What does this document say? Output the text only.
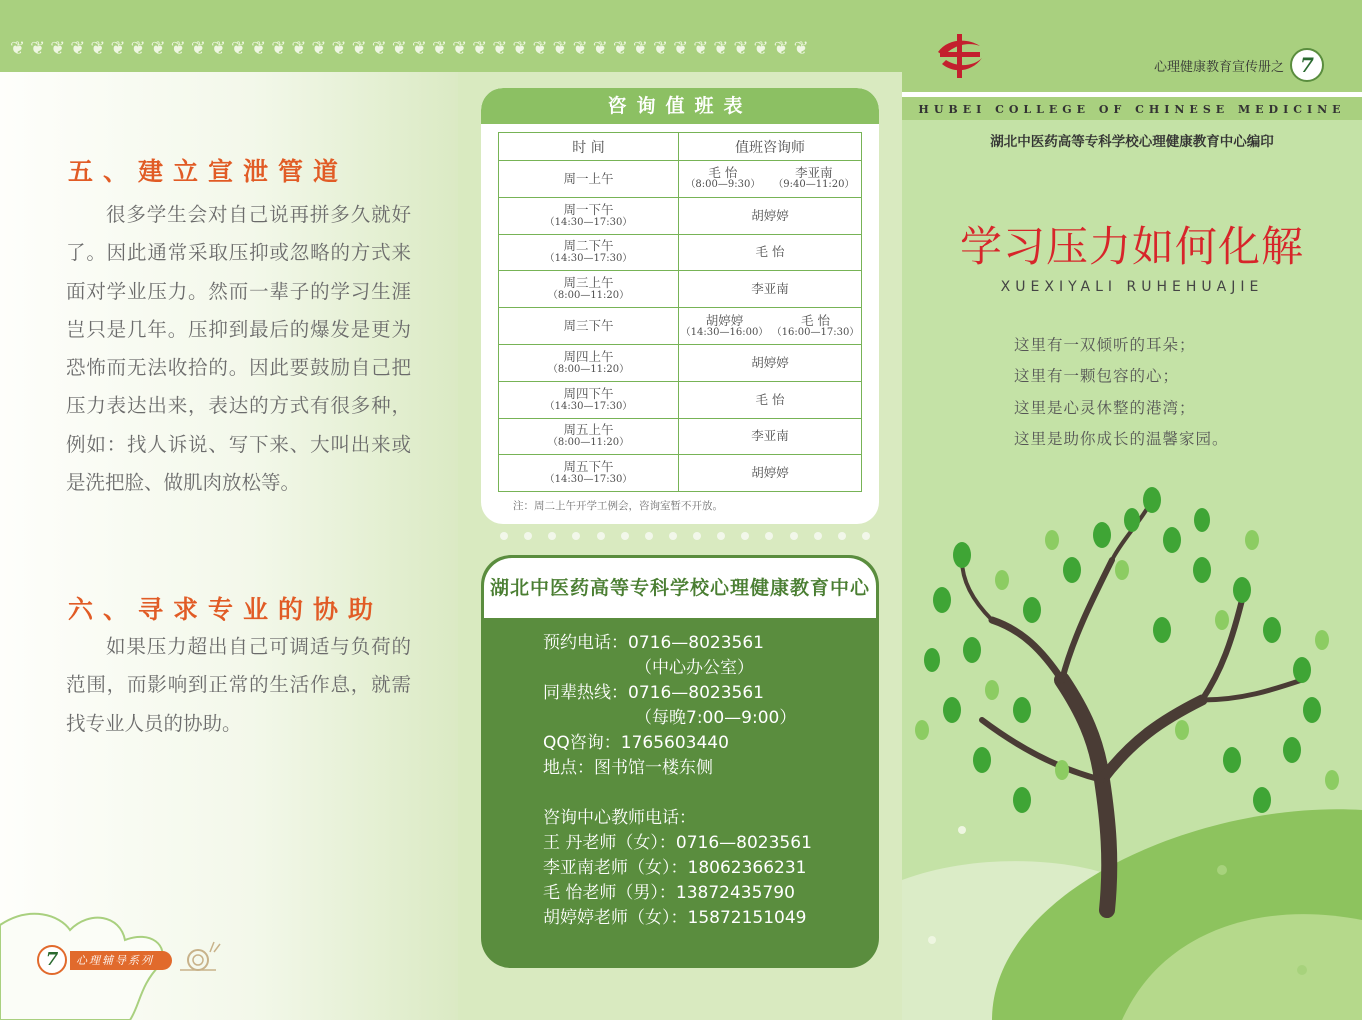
❦ ❦ ❦ ❦ ❦ ❦ ❦ ❦ ❦ ❦ ❦ ❦ ❦ ❦ ❦ ❦ ❦ ❦ ❦ ❦ ❦ ❦ ❦ ❦ ❦ ❦ ❦ ❦ ❦ ❦ ❦ ❦ ❦ ❦ ❦ ❦ ❦ ❦ ❦ ❦
五、建立宣泄管道
很多学生会对自己说再拼多久就好了。因此通常采取压抑或忽略的方式来面对学业压力。然而一辈子的学习生涯岂只是几年。压抑到最后的爆发是更为恐怖而无法收拾的。因此要鼓励自己把压力表达出来，表达的方式有很多种，例如：找人诉说、写下来、大叫出来或是洗把脸、做肌肉放松等。
六、寻求专业的协助
如果压力超出自己可调适与负荷的范围，而影响到正常的生活作息，就需找专业人员的协助。
7	心理辅导系列
咨询值班表
时 间	值班咨询师
周一上午	毛 怡
（8:00—9:30）
李亚南
（9:40—11:20）

周一下午
（14:30—17:30）	胡婷婷
周二下午
（14:30—17:30）	毛 怡
周三上午
（8:00—11:20）	李亚南
周三下午	胡婷婷
（14:30—16:00）
毛 怡
（16:00—17:30）

周四上午
（8:00—11:20）	胡婷婷
周四下午
（14:30—17:30）	毛 怡
周五上午
（8:00—11:20）	李亚南
周五下午
（14:30—17:30）	胡婷婷
注：周二上午开学工例会，咨询室暂不开放。
湖北中医药高等专科学校心理健康教育中心
预约电话：0716—8023561
（中心办公室）
同辈热线：0716—8023561
（每晚7:00—9:00）
QQ咨询：1765603440
地点：图书馆一楼东侧
咨询中心教师电话：
王 丹老师（女）：0716—8023561
李亚南老师（女）：18062366231
毛 怡老师（男）：13872435790
胡婷婷老师（女）：15872151049
HUBEI COLLEGE OF CHINESE MEDICINE
心理健康教育宣传册之 7
湖北中医药高等专科学校心理健康教育中心编印
学习压力如何化解
XUEXIYALI RUHEHUAJIE
这里有一双倾听的耳朵；
这里有一颗包容的心；
这里是心灵休整的港湾；
这里是助你成长的温馨家园。
